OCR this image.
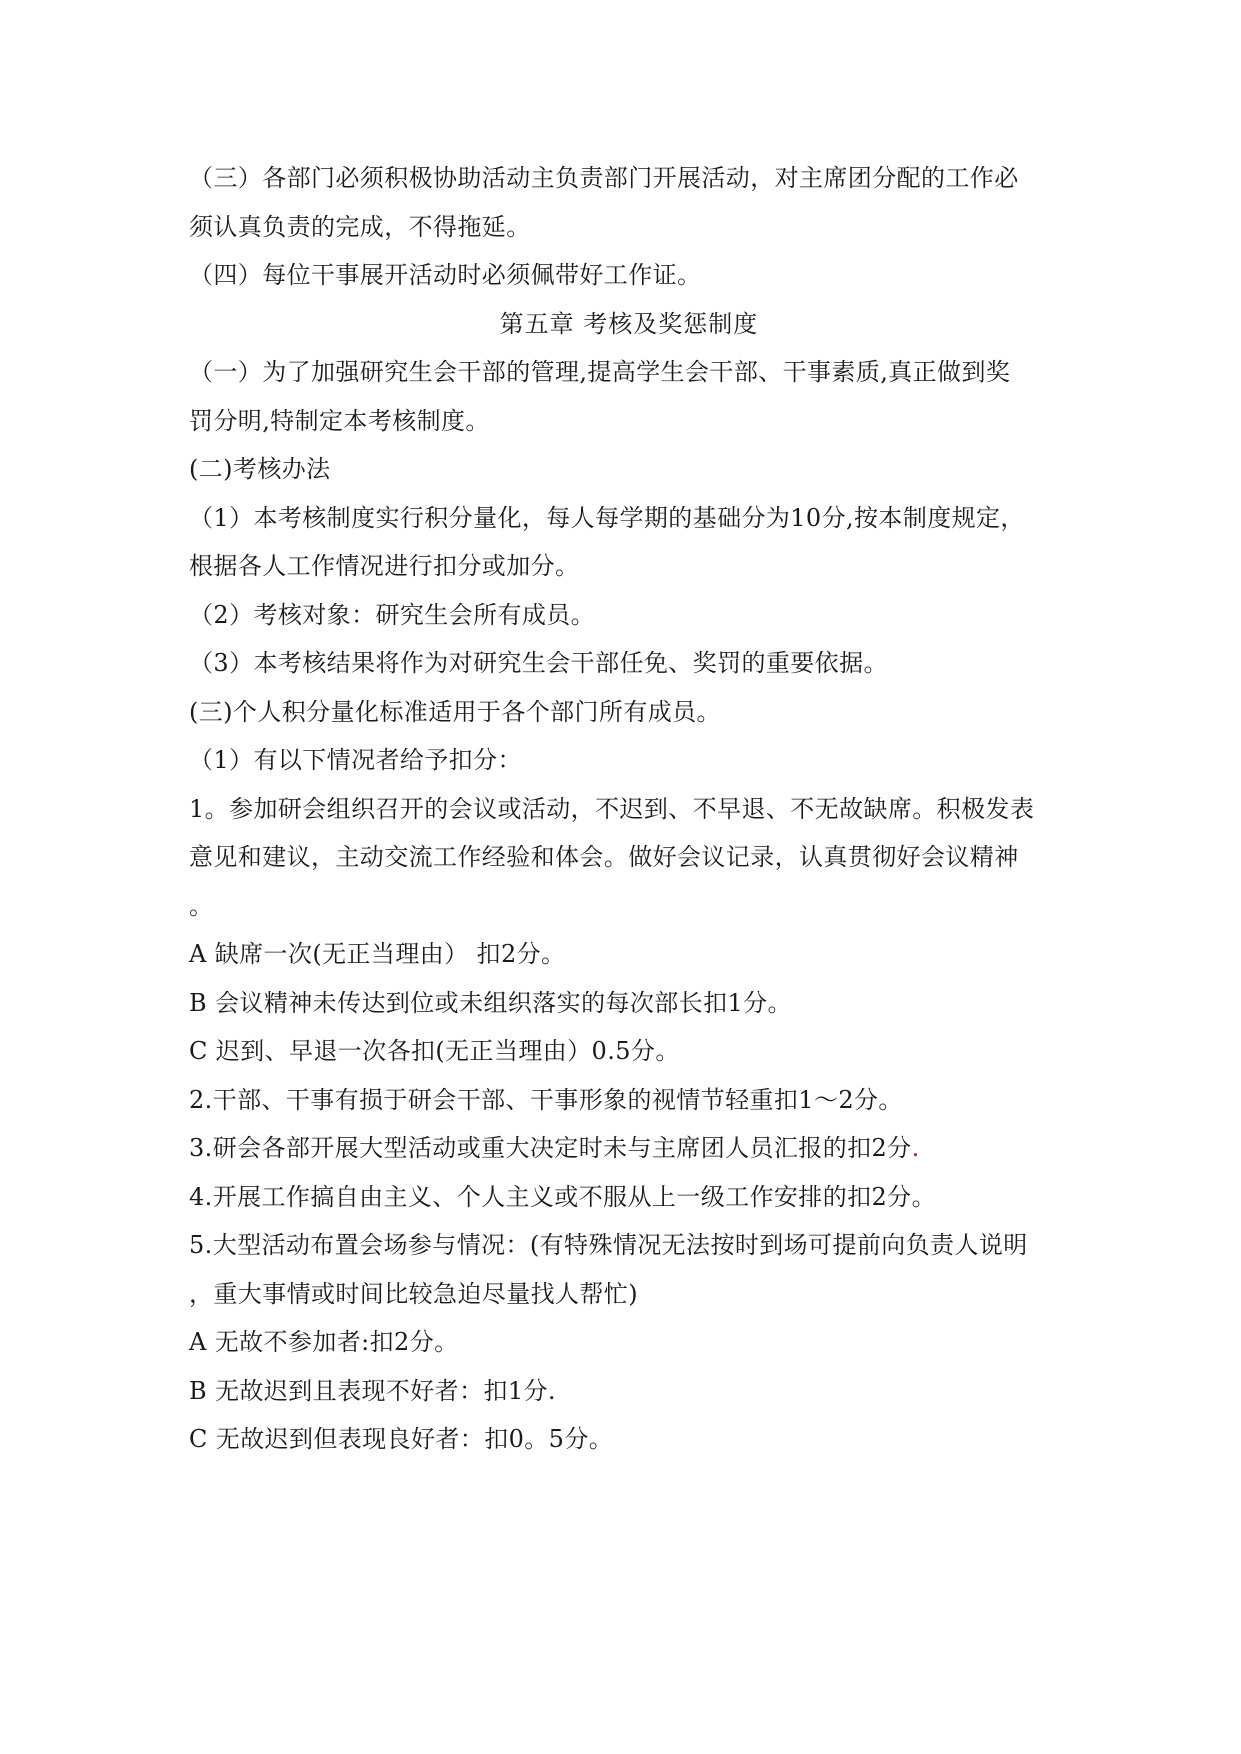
（三）各部门必须积极协助活动主负责部门开展活动，对主席团分配的工作必
须认真负责的完成，不得拖延。
（四）每位干事展开活动时必须佩带好工作证。
第五章 考核及奖惩制度
（一）为了加强研究生会干部的管理,提高学生会干部、干事素质,真正做到奖
罚分明,特制定本考核制度。
(二)考核办法
（1）本考核制度实行积分量化，每人每学期的基础分为10分,按本制度规定，
根据各人工作情况进行扣分或加分。
（2）考核对象：研究生会所有成员。
（3）本考核结果将作为对研究生会干部任免、奖罚的重要依据。
(三)个人积分量化标准适用于各个部门所有成员。
（1）有以下情况者给予扣分：
1。参加研会组织召开的会议或活动，不迟到、不早退、不无故缺席。积极发表
意见和建议，主动交流工作经验和体会。做好会议记录，认真贯彻好会议精神
。
A 缺席一次(无正当理由） 扣2分。
B 会议精神未传达到位或未组织落实的每次部长扣1分。
C 迟到、早退一次各扣(无正当理由）0.5分。
2.干部、干事有损于研会干部、干事形象的视情节轻重扣1～2分。
3.研会各部开展大型活动或重大决定时未与主席团人员汇报的扣2分.
4.开展工作搞自由主义、个人主义或不服从上一级工作安排的扣2分。
5.大型活动布置会场参与情况：(有特殊情况无法按时到场可提前向负责人说明
，重大事情或时间比较急迫尽量找人帮忙)
A 无故不参加者:扣2分。
B 无故迟到且表现不好者：扣1分.
C 无故迟到但表现良好者：扣0。5分。
